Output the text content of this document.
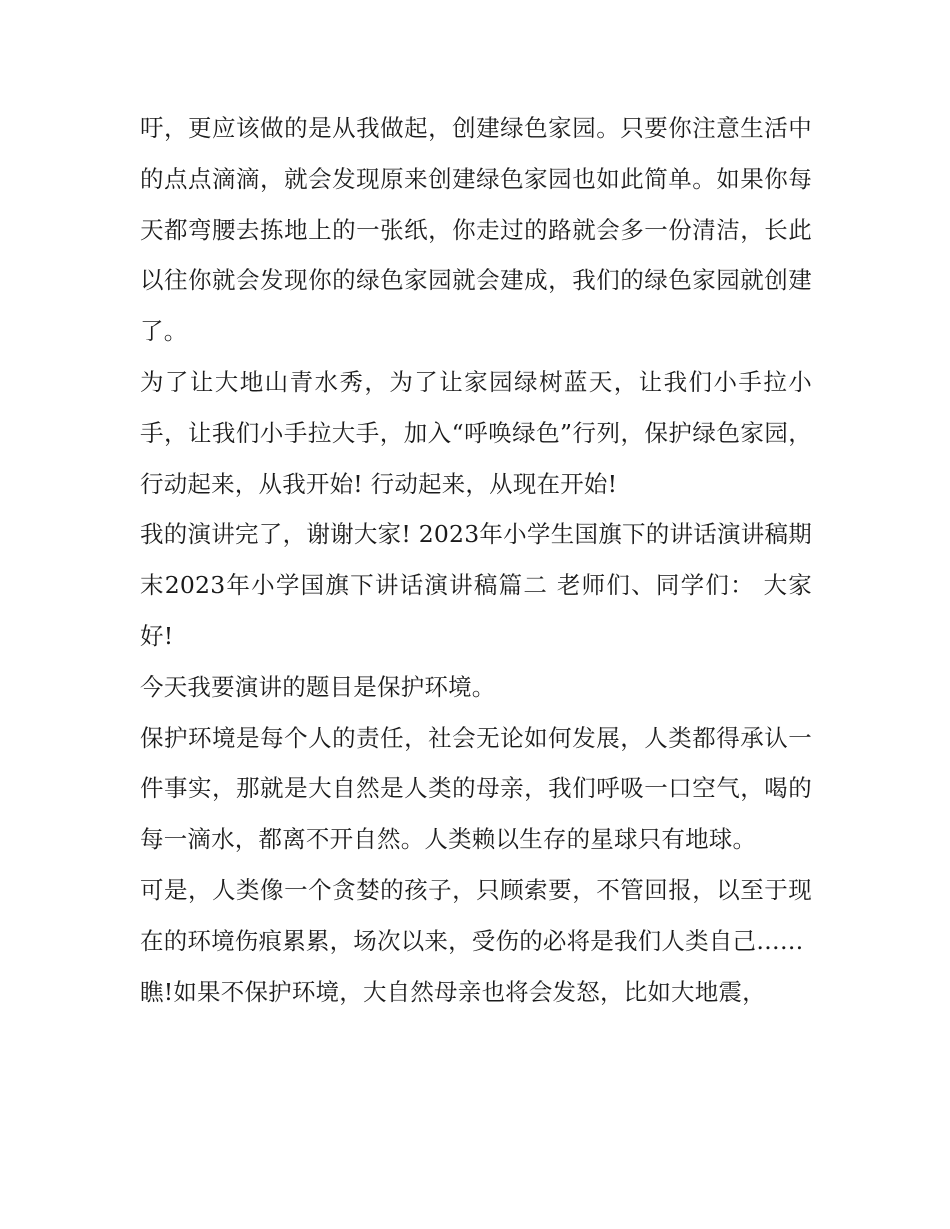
吁，更应该做的是从我做起，创建绿色家园。只要你注意生活中的点点滴滴，就会发现原来创建绿色家园也如此简单。如果你每天都弯腰去拣地上的一张纸，你走过的路就会多一份清洁，长此以往你就会发现你的绿色家园就会建成，我们的绿色家园就创建了。

为了让大地山青水秀，为了让家园绿树蓝天，让我们小手拉小手，让我们小手拉大手，加入“呼唤绿色”行列，保护绿色家园，行动起来，从我开始! 行动起来，从现在开始!

我的演讲完了，谢谢大家! 2023年小学生国旗下的讲话演讲稿期末2023年小学国旗下讲话演讲稿篇二 老师们、同学们： 大家好!

今天我要演讲的题目是保护环境。

保护环境是每个人的责任，社会无论如何发展，人类都得承认一件事实，那就是大自然是人类的母亲，我们呼吸一口空气，喝的每一滴水，都离不开自然。人类赖以生存的星球只有地球。

可是，人类像一个贪婪的孩子，只顾索要，不管回报，以至于现在的环境伤痕累累，场次以来，受伤的必将是我们人类自己……

瞧!如果不保护环境，大自然母亲也将会发怒，比如大地震，
